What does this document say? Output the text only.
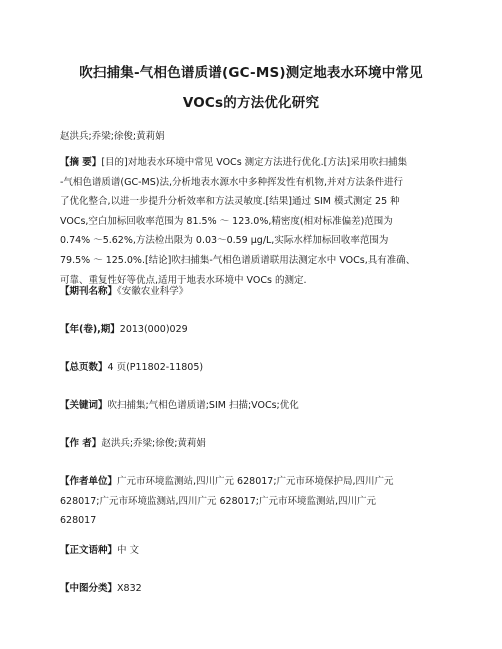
吹扫捕集-气相色谱质谱(GC-MS)测定地表水环境中常见
VOCs的方法优化研究
赵洪兵;乔梁;徐俊;黄莉娟
【摘 要】[目的]对地表水环境中常见 VOCs 测定方法进行优化.[方法]采用吹扫捕集
-气相色谱质谱(GC-MS)法,分析地表水源水中多种挥发性有机物,并对方法条件进行
了优化整合,以进一步提升分析效率和方法灵敏度.[结果]通过 SIM 模式测定 25 种
VOCs,空白加标回收率范围为 81.5% ～ 123.0%,精密度(相对标准偏差)范围为
0.74% ～5.62%,方法检出限为 0.03～0.59 μg/L,实际水样加标回收率范围为
79.5% ～ 125.0%.[结论]吹扫捕集-气相色谱质谱联用法测定水中 VOCs,具有准确、
可靠、重复性好等优点,适用于地表水环境中 VOCs 的测定.
【期刊名称】《安徽农业科学》
【年(卷),期】2013(000)029
【总页数】4 页(P11802-11805)
【关键词】吹扫捕集;气相色谱质谱;SIM 扫描;VOCs;优化
【作 者】赵洪兵;乔梁;徐俊;黄莉娟
【作者单位】广元市环境监测站,四川广元 628017;广元市环境保护局,四川广元
628017;广元市环境监测站,四川广元 628017;广元市环境监测站,四川广元
628017
【正文语种】中 文
【中图分类】X832
